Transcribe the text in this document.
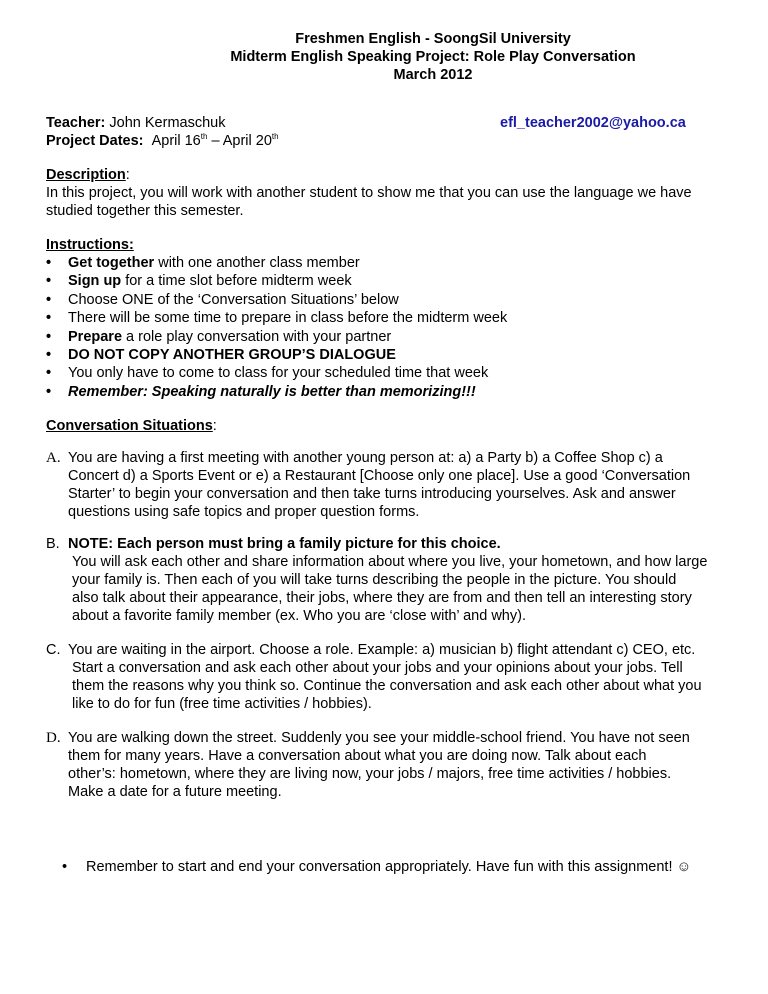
Freshmen English - SoongSil University
Midterm English Speaking Project: Role Play Conversation
March 2012
Teacher: John Kermaschuk	efl_teacher2002@yahoo.ca
Project Dates: April 16th – April 20th
Description:
In this project, you will work with another student to show me that you can use the language we have
studied together this semester.
Instructions:
• Get together with one another class member
• Sign up for a time slot before midterm week
• Choose ONE of the ‘Conversation Situations’ below
• There will be some time to prepare in class before the midterm week
• Prepare a role play conversation with your partner
• DO NOT COPY ANOTHER GROUP’S DIALOGUE
• You only have to come to class for your scheduled time that week
• Remember: Speaking naturally is better than memorizing!!!
Conversation Situations:
A. You are having a first meeting with another young person at: a) a Party b) a Coffee Shop c) a
Concert d) a Sports Event or e) a Restaurant [Choose only one place]. Use a good ‘Conversation
Starter’ to begin your conversation and then take turns introducing yourselves. Ask and answer
questions using safe topics and proper question forms.
B. NOTE: Each person must bring a family picture for this choice.
You will ask each other and share information about where you live, your hometown, and how large
your family is. Then each of you will take turns describing the people in the picture. You should
also talk about their appearance, their jobs, where they are from and then tell an interesting story
about a favorite family member (ex. Who you are ‘close with’ and why).
C. You are waiting in the airport. Choose a role. Example: a) musician b) flight attendant c) CEO, etc.
Start a conversation and ask each other about your jobs and your opinions about your jobs. Tell
them the reasons why you think so. Continue the conversation and ask each other about what you
like to do for fun (free time activities / hobbies).
D. You are walking down the street. Suddenly you see your middle-school friend. You have not seen
them for many years. Have a conversation about what you are doing now. Talk about each
other’s: hometown, where they are living now, your jobs / majors, free time activities / hobbies.
Make a date for a future meeting.
• Remember to start and end your conversation appropriately. Have fun with this assignment! ☺
